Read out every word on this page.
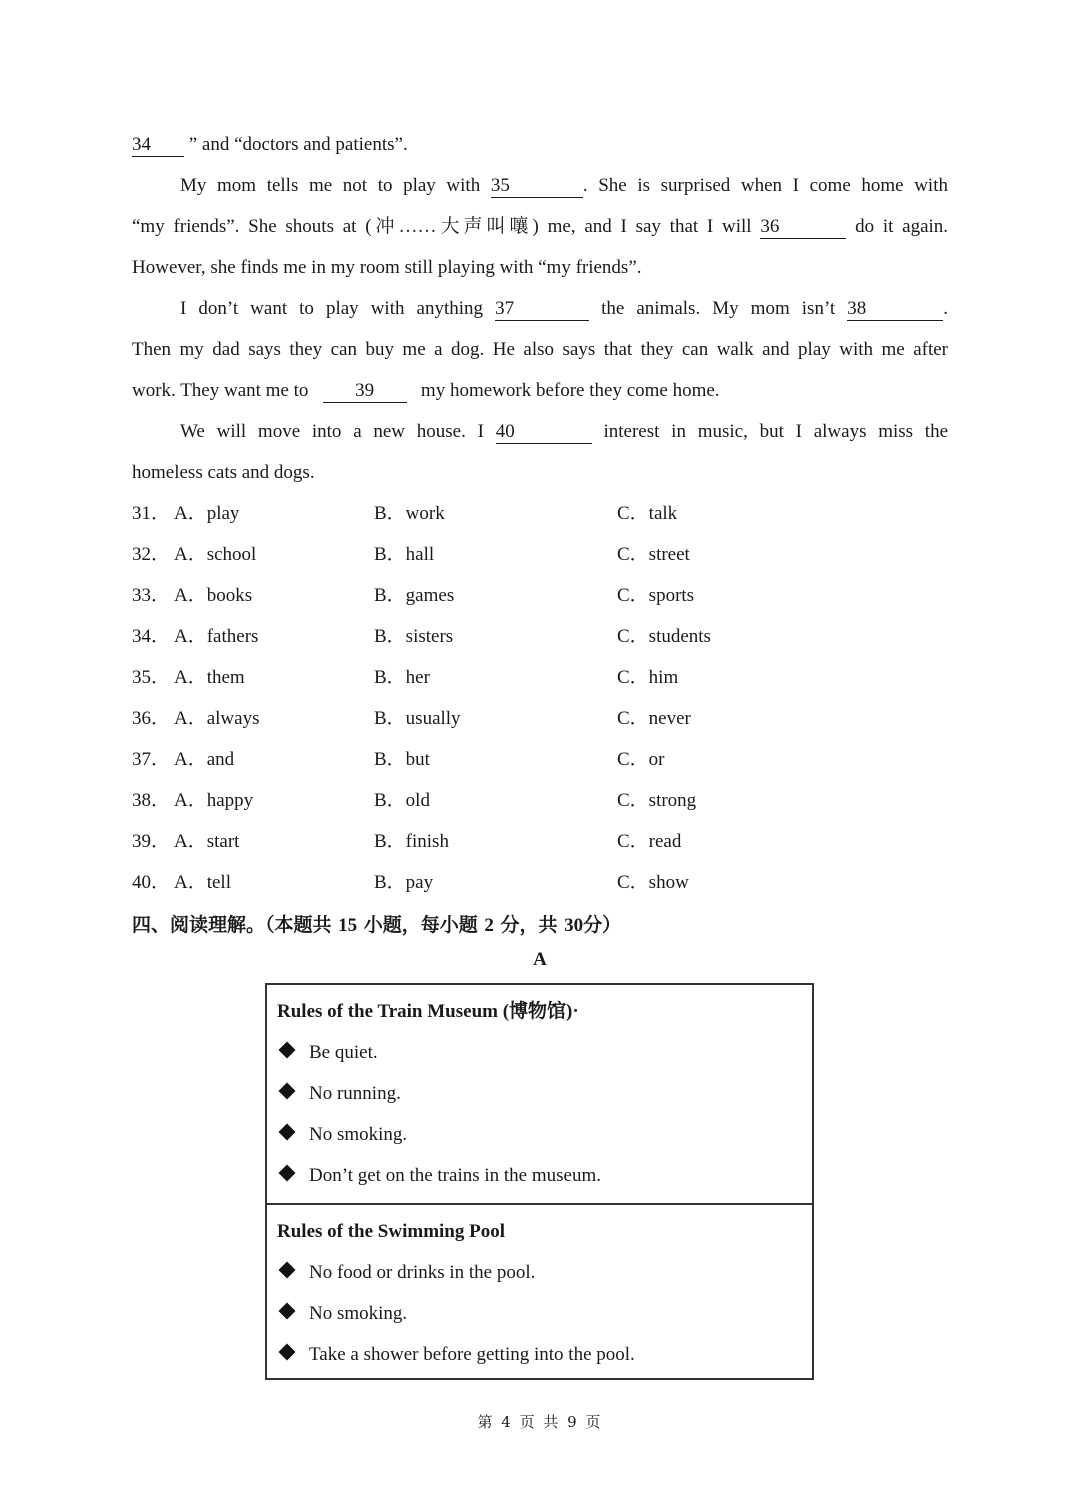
34 ” and “doctors and patients”.
My mom tells me not to play with 35	. She is surprised when I come home with
“my friends”. She shouts at (冲……大声叫嚷) me, and I say that I will 36	do it again.
However, she finds me in my room still playing with “my friends”.
I don’t want to play with anything 37	the animals. My mom isn’t 38	.
Then my dad says they can buy me a dog. He also says that they can walk and play with me after
work. They want me to 39 my homework before they come home.
We will move into a new house. I 40	interest in music, but I always miss the
homeless cats and dogs.
31． A．play	B．work	C．talk
32． A．school	B．hall	C．street
33． A．books	B．games	C．sports
34． A．fathers	B．sisters	C．students
35． A．them	B．her	C．him
36． A．always	B．usually	C．never
37． A．and	B．but	C．or
38． A．happy	B．old	C．strong
39． A．start	B．finish	C．read
40． A．tell	B．pay	C．show
四、阅读理解。（本题共 15 小题，每小题 2 分，共 30分）
A
Rules of the Train Museum (博物馆)·
Be quiet.
No running.
No smoking.
Don’t get on the trains in the museum.
Rules of the Swimming Pool
No food or drinks in the pool.
No smoking.
Take a shower before getting into the pool.
第 4 页 共 9 页
